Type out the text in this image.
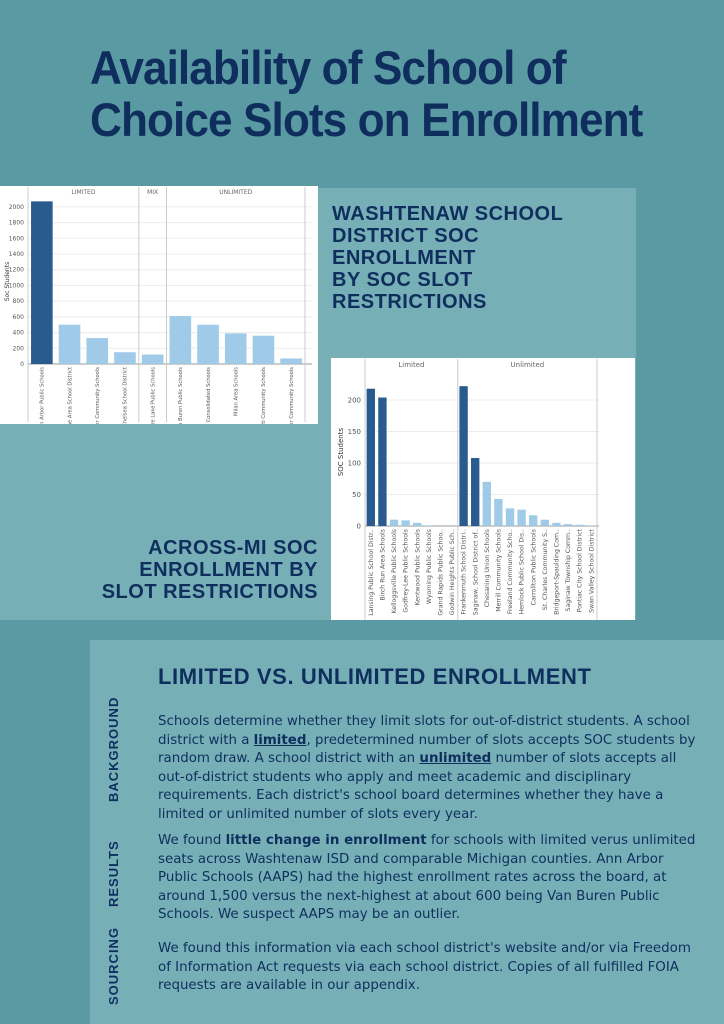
Availability of School of
Choice Slots on Enrollment
Soc Students
0
200
400
600
800
1000
1200
1400
1600
1800
2000
LIMITED
Ann Arbor Public Schools	Saline Area School District	Dexter Community Schools	Chelsea School District
MIX
Whitmore Lake Public Schools
UNLIMITED
Van Buren Public Schools	Lincoln Consolidated Schools	Milan Area Schools	Ypsilanti Community Schools	Manchester Community Schools
WASHTENAW SCHOOL
DISTRICT SOC
ENROLLMENT
BY SOC SLOT
RESTRICTIONS
SOC Students
0
50
100
150
200
Limited
Lansing Public School Distr.. Birch Run Area Schools Kelloggsville Public Schools Godfrey-Lee Public Schools Kentwood Public Schools Wyoming Public Schools Grand Rapids Public Schoo.. Godwin Heights Public Sch..
Unlimited
Frankenmuth School Distri.. Saginaw, School District of.. Chesaning Union Schools Merrill Community Schools Freeland Community Scho.. Hemlock Public School Dis.. Carrollton Public Schools St. Charles Community S.. Bridgeport-Spaulding Com.. Saginaw Township Comm.. Pontiac City School District Swan Valley School District
ACROSS-MI SOC
ENROLLMENT BY
SLOT RESTRICTIONS
LIMITED VS. UNLIMITED ENROLLMENT
BACKGROUND	Schools determine whether they limit slots for out-of-district students. A school district with a limited, predetermined number of slots accepts SOC students by random draw. A school district with an unlimited number of slots accepts all out-of-district students who apply and meet academic and disciplinary requirements. Each district's school board determines whether they have a limited or unlimited number of slots every year.

RESULTS	We found little change in enrollment for schools with limited verus unlimited seats across Washtenaw ISD and comparable Michigan counties. Ann Arbor Public Schools (AAPS) had the highest enrollment rates across the board, at around 1,500 versus the next-highest at about 600 being Van Buren Public Schools. We suspect AAPS may be an outlier.

SOURCING	We found this information via each school district's website and/or via Freedom of Information Act requests via each school district. Copies of all fulfilled FOIA requests are available in our appendix.
